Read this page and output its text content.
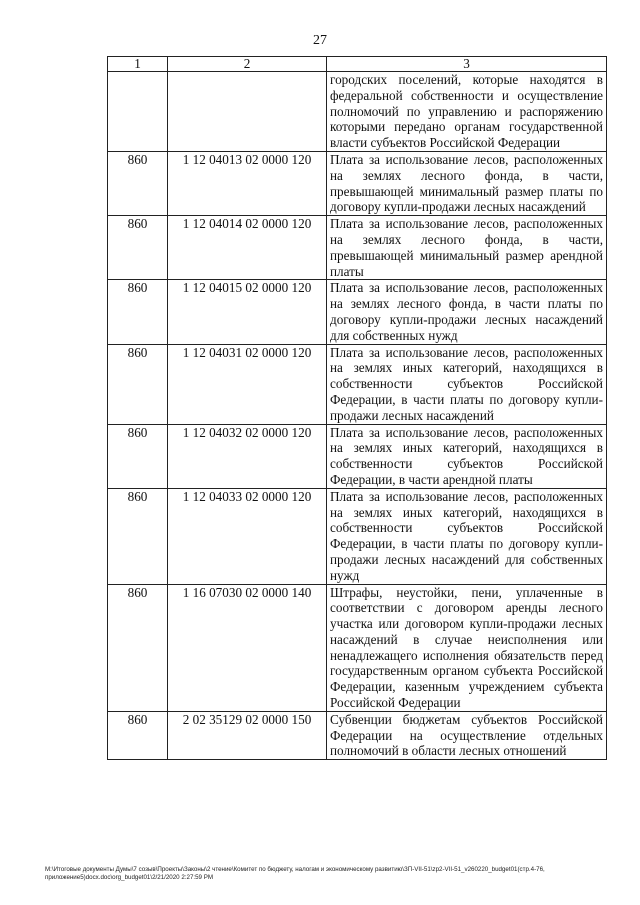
27
1	2	3
		городских поселений, которые находятся в федеральной собственности и осуществление полномочий по управлению и распоряжению которыми передано органам государственной власти субъектов Российской Федерации
860	1 12 04013 02 0000 120	Плата за использование лесов, расположенных на землях лесного фонда, в части, превышающей минимальный размер платы по договору купли-продажи лесных насаждений
860	1 12 04014 02 0000 120	Плата за использование лесов, расположенных на землях лесного фонда, в части, превышающей минимальный размер арендной платы
860	1 12 04015 02 0000 120	Плата за использование лесов, расположенных на землях лесного фонда, в части платы по договору купли-продажи лесных насаждений для собственных нужд
860	1 12 04031 02 0000 120	Плата за использование лесов, расположенных на землях иных категорий, находящихся в собственности субъектов Российской Федерации, в части платы по договору купли-продажи лесных насаждений
860	1 12 04032 02 0000 120	Плата за использование лесов, расположенных на землях иных категорий, находящихся в собственности субъектов Российской Федерации, в части арендной платы
860	1 12 04033 02 0000 120	Плата за использование лесов, расположенных на землях иных категорий, находящихся в собственности субъектов Российской Федерации, в части платы по договору купли-продажи лесных насаждений для собственных нужд
860	1 16 07030 02 0000 140	Штрафы, неустойки, пени, уплаченные в соответствии с договором аренды лесного участка или договором купли-продажи лесных насаждений в случае неисполнения или ненадлежащего исполнения обязательств перед государственным органом субъекта Российской Федерации, казенным учреждением субъекта Российской Федерации
860	2 02 35129 02 0000 150	Субвенции бюджетам субъектов Российской Федерации на осуществление отдельных полномочий в области лесных отношений
M:\Итоговые документы Думы\7 созыв\Проекты\Законы\2 чтение\Комитет по бюджету, налогам и экономическому развитию\ЗП-VII-51\zp2-VII-51_v260220_budget01(стр.4-76, приложение5)docx.doc\org_budget01\2/21/2020 2:27:59 PM
